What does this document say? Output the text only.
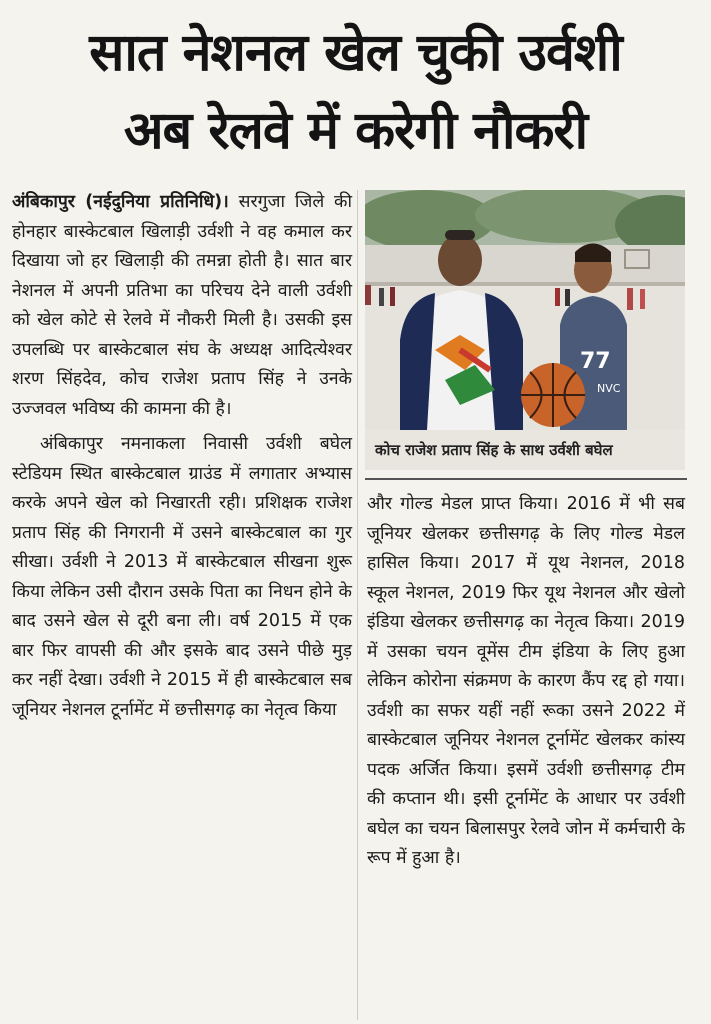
सात नेशनल खेल चुकी उर्वशी
अब रेलवे में करेगी नौकरी

अंबिकापुर (नईदुनिया प्रतिनिधि)। सरगुजा जिले की होनहार बास्केटबाल खिलाड़ी उर्वशी ने वह कमाल कर दिखाया जो हर खिलाड़ी की तमन्ना होती है। सात बार नेशनल में अपनी प्रतिभा का परिचय देने वाली उर्वशी को खेल कोटे से रेलवे में नौकरी मिली है। उसकी इस उपलब्धि पर बास्केटबाल संघ के अध्यक्ष आदित्येश्वर शरण सिंहदेव, कोच राजेश प्रताप सिंह ने उनके उज्जवल भविष्य की कामना की है।

अंबिकापुर नमनाकला निवासी उर्वशी बघेल स्टेडियम स्थित बास्केटबाल ग्राउंड में लगातार अभ्यास करके अपने खेल को निखारती रही। प्रशिक्षक राजेश प्रताप सिंह की निगरानी में उसने बास्केटबाल का गुर सीखा। उर्वशी ने 2013 में बास्केटबाल सीखना शुरू किया लेकिन उसी दौरान उसके पिता का निधन होने के बाद उसने खेल से दूरी बना ली। वर्ष 2015 में एक बार फिर वापसी की और इसके बाद उसने पीछे मुड़ कर नहीं देखा। उर्वशी ने 2015 में ही बास्केटबाल सब जूनियर नेशनल टूर्नामेंट में छत्तीसगढ़ का नेतृत्व किया

77
NVC
कोच राजेश प्रताप सिंह के साथ उर्वशी बघेल

और गोल्ड मेडल प्राप्त किया। 2016 में भी सब जूनियर खेलकर छत्तीसगढ़ के लिए गोल्ड मेडल हासिल किया। 2017 में यूथ नेशनल, 2018 स्कूल नेशनल, 2019 फिर यूथ नेशनल और खेलो इंडिया खेलकर छत्तीसगढ़ का नेतृत्व किया। 2019 में उसका चयन वूमेंस टीम इंडिया के लिए हुआ लेकिन कोरोना संक्रमण के कारण कैंप रद्द हो गया। उर्वशी का सफर यहीं नहीं रूका उसने 2022 में बास्केटबाल जूनियर नेशनल टूर्नामेंट खेलकर कांस्य पदक अर्जित किया। इसमें उर्वशी छत्तीसगढ़ टीम की कप्तान थी। इसी टूर्नामेंट के आधार पर उर्वशी बघेल का चयन बिलासपुर रेलवे जोन में कर्मचारी के रूप में हुआ है।
